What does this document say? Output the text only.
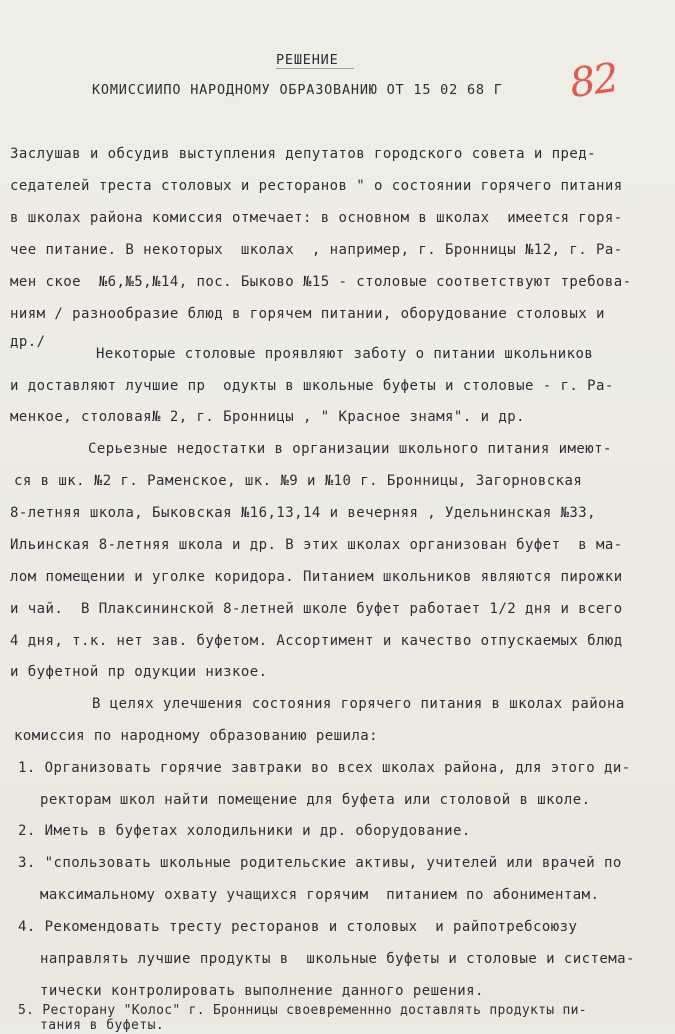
РЕШЕНИЕ
КОМИССИИПО НАРОДНОМУ ОБРАЗОВАНИЮ ОТ 15 02 68 Г 82
Заслушав и обсудив выступления депутатов городского совета и пред-
седателей треста столовых и ресторанов " о состоянии горячего питания
в школах района комиссия отмечает: в основном в школах  имеется горя-
чее питание. В некоторых  школах  , например, г. Бронницы №12, г. Ра-
мен ское  №6,№5,№14, пос. Быково №15 - столовые соответствуют требова-
ниям / разнообразие блюд в горячем питании, оборудование столовых и
др./
Некоторые столовые проявляют заботу о питании школьников
и доставляют лучшие пр  одукты в школьные буфеты и столовые - г. Ра-
менкое, столовая№ 2, г. Бронницы , " Красное знамя". и др.
Серьезные недостатки в организации школьного питания имеют-
ся в шк. №2 г. Раменское, шк. №9 и №10 г. Бронницы, Загорновская
8-летняя школа, Быковская №16,13,14 и вечерняя , Удельнинская №33,
Ильинская 8-летняя школа и др. В этих школах организован буфет  в ма-
лом помещении и уголке коридора. Питанием школьников являются пирожки
и чай.  В Плаксининской 8-летней школе буфет работает 1/2 дня и всего
4 дня, т.к. нет зав. буфетом. Ассортимент и качество отпускаемых блюд
и буфетной пр одукции низкое.
В целях улечшения состояния горячего питания в школах района
комиссия по народному образованию решила:
1. Организовать горячие завтраки во всех школах района, для этого ди-
ректорам школ найти помещение для буфета или столовой в школе.
2. Иметь в буфетах холодильники и др. оборудование.
3. "спользовать школьные родительские активы, учителей или врачей по
максимальному охвату учащихся горячим  питанием по абониментам.
4. Рекомендовать тресту ресторанов и столовых  и райпотребсоюзу
направлять лучшие продукты в  школьные буфеты и столовые и система-
тически контролировать выполнение данного решения.
5. Ресторану "Колос" г. Бронницы своевременнно доставлять продукты пи-
тания в буфеты.
